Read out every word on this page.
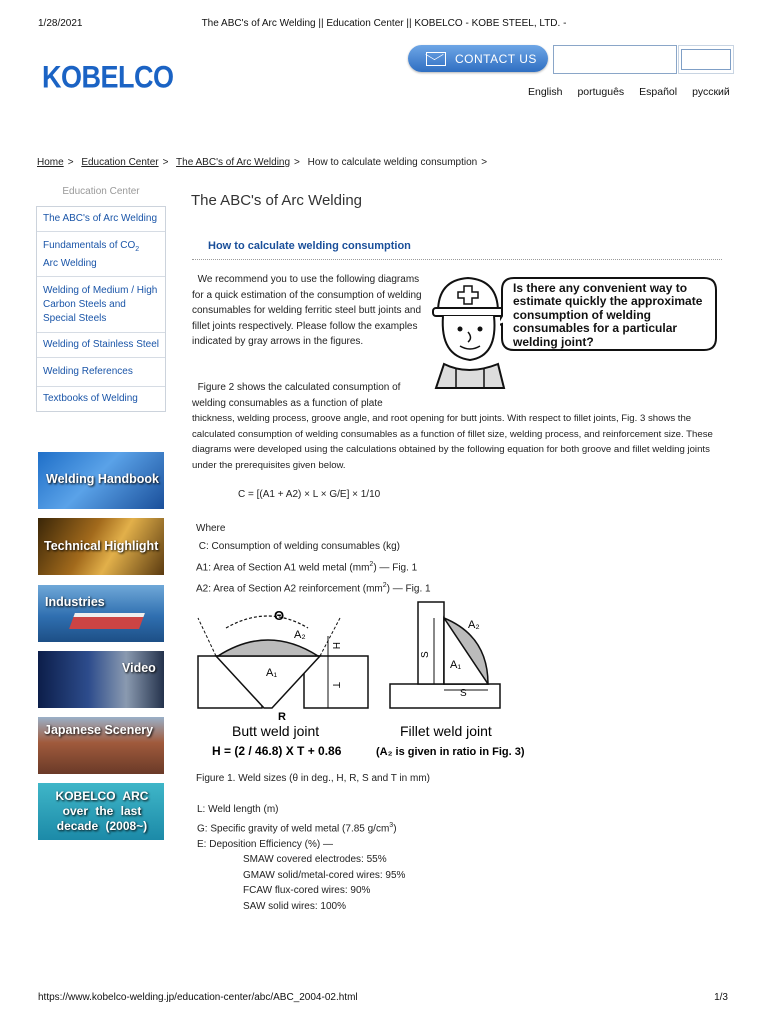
1/28/2021	The ABC's of Arc Welding || Education Center || KOBELCO - KOBE STEEL, LTD. -
KOBELCO
CONTACT US
English português Español русский
Home > Education Center > The ABC's of Arc Welding > How to calculate welding consumption >
Education Center
The ABC's of Arc Welding
Fundamentals of $CO_2$
Arc Welding
Welding of Medium / High Carbon Steels and Special Steels
Welding of Stainless Steel
Welding References
Textbooks of Welding
Welding Handbook
Technical Highlight
Industries
Video
Japanese Scenery
KOBELCO ARC over the last decade (2008~)
The ABC's of Arc Welding
How to calculate welding consumption
We recommend you to use the following diagrams for a quick estimation of the consumption of welding consumables for welding ferritic steel butt joints and fillet joints respectively. Please follow the examples indicated by gray arrows in the figures.
Is there any convenient way to estimate quickly the approximate consumption of welding consumables for a particular welding joint?
Figure 2 shows the calculated consumption of welding consumables as a function of plate
thickness, welding process, groove angle, and root opening for butt joints. With respect to fillet joints, Fig. 3 shows the calculated consumption of welding consumables as a function of fillet size, welding process, and reinforcement size. These diagrams were developed using the calculations obtained by the following equation for both groove and fillet welding joints under the prerequisites given below.
C = [(A1 + A2) × L × G/E] × 1/10
Where
C: Consumption of welding consumables (kg)
A1: Area of Section A1 weld metal $(mm^2)$ — Fig. 1
A2: Area of Section A2 reinforcement $(mm^2)$ — Fig. 1
Θ
A₂
A₁
H
T
R
Butt weld joint
H = (2 / 46.8) X T + 0.86
A₂
A₁
S
S
Fillet weld joint
(A₂ is given in ratio in Fig. 3)
Figure 1. Weld sizes (θ in deg., H, R, S and T in mm)
L: Weld length (m)
G: Specific gravity of weld metal (7.85 $g/cm^3$)
E: Deposition Efficiency (%) —
SMAW covered electrodes: 55%
GMAW solid/metal-cored wires: 95%
FCAW flux-cored wires: 90%
SAW solid wires: 100%
https://www.kobelco-welding.jp/education-center/abc/ABC_2004-02.html	1/3
